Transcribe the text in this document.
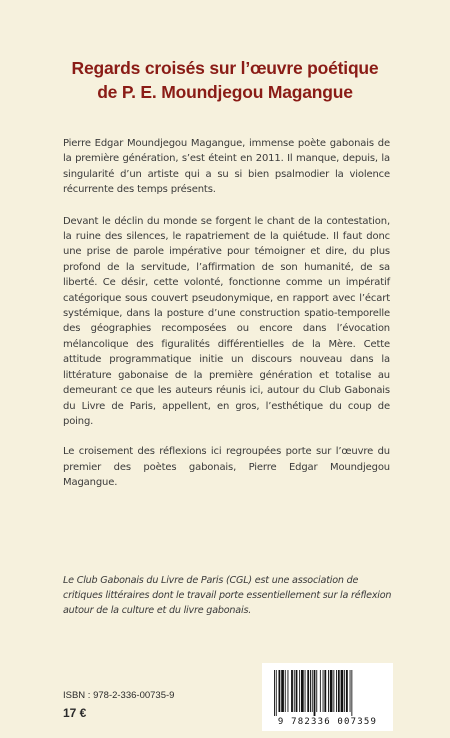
Regards croisés sur l’œuvre poétique
de P. E. Moundjegou Magangue

Pierre Edgar Moundjegou Magangue, immense poète gabonais de la première génération, s’est éteint en 2011. Il manque, depuis, la singularité d’un artiste qui a su si bien psalmodier la violence récurrente des temps présents.

Devant le déclin du monde se forgent le chant de la contestation, la ruine des silences, le rapatriement de la quiétude. Il faut donc une prise de parole impérative pour témoigner et dire, du plus profond de la servitude, l’affirmation de son humanité, de sa liberté. Ce désir, cette volonté, fonctionne comme un impératif catégorique sous couvert pseudonymique, en rapport avec l’écart systémique, dans la posture d’une construction spatio-temporelle des géographies recomposées ou encore dans l’évocation mélancolique des figuralités différentielles de la Mère. Cette attitude programmatique initie un discours nouveau dans la littérature gabonaise de la première génération et totalise au demeurant ce que les auteurs réunis ici, autour du Club Gabonais du Livre de Paris, appellent, en gros, l’esthétique du coup de poing.

Le croisement des réflexions ici regroupées porte sur l’œuvre du premier des poètes gabonais, Pierre Edgar Moundjegou Magangue.

Le Club Gabonais du Livre de Paris (CGL) est une association de critiques littéraires dont le travail porte essentiellement sur la réflexion autour de la culture et du livre gabonais.

ISBN : 978-2-336-00735-9
17 €
9 782336 007359
